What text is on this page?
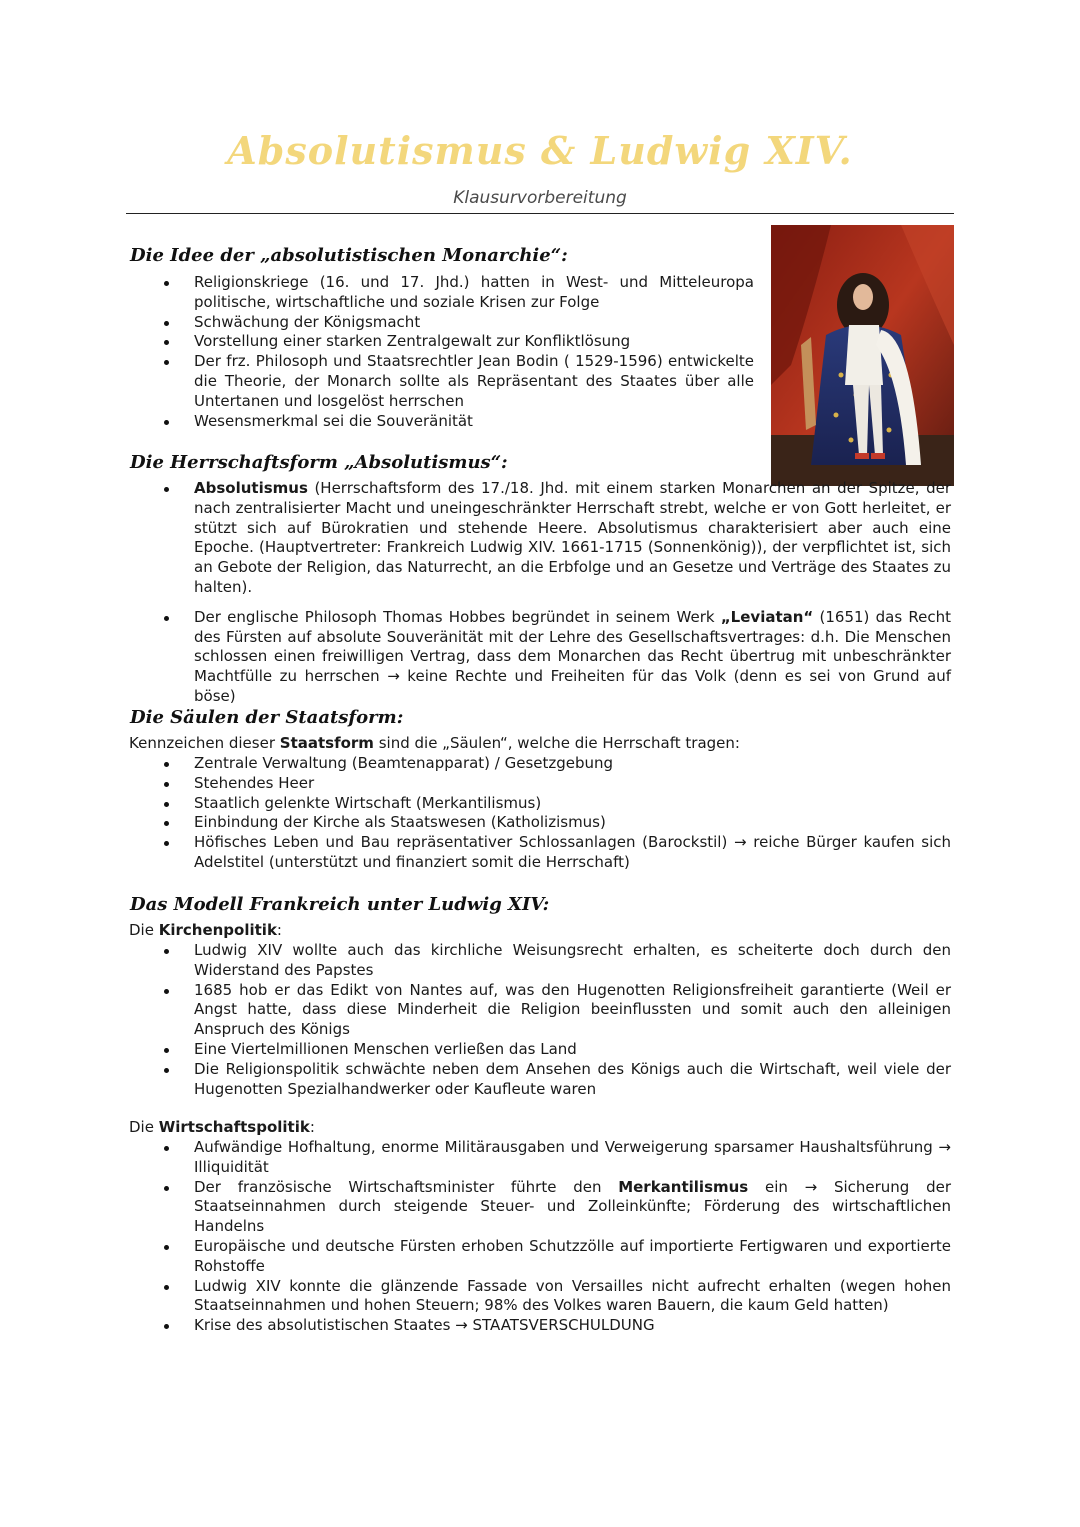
Absolutismus & Ludwig XIV.
Klausurvorbereitung
Die Idee der „absolutistischen Monarchie“:
Religionskriege (16. und 17. Jhd.) hatten in West- und Mitteleuropa politische, wirtschaftliche und soziale Krisen zur Folge
Schwächung der Königsmacht
Vorstellung einer starken Zentralgewalt zur Konfliktlösung
Der frz. Philosoph und Staatsrechtler Jean Bodin ( 1529-1596) entwickelte die Theorie, der Monarch sollte als Repräsentant des Staates über alle Untertanen und losgelöst herrschen
Wesensmerkmal sei die Souveränität
Die Herrschaftsform „Absolutismus“:
Absolutismus (Herrschaftsform des 17./18. Jhd. mit einem starken Monarchen an der Spitze, der nach zentralisierter Macht und uneingeschränkter Herrschaft strebt, welche er von Gott herleitet, er stützt sich auf Bürokratien und stehende Heere. Absolutismus charakterisiert aber auch eine Epoche. (Hauptvertreter: Frankreich Ludwig XIV. 1661-1715 (Sonnenkönig)), der verpflichtet ist, sich an Gebote der Religion, das Naturrecht, an die Erbfolge und an Gesetze und Verträge des Staates zu halten).
Der englische Philosoph Thomas Hobbes begründet in seinem Werk „Leviatan“ (1651) das Recht des Fürsten auf absolute Souveränität mit der Lehre des Gesellschaftsvertrages: d.h. Die Menschen schlossen einen freiwilligen Vertrag, dass dem Monarchen das Recht übertrug mit unbeschränkter Machtfülle zu herrschen → keine Rechte und Freiheiten für das Volk (denn es sei von Grund auf böse)
Die Säulen der Staatsform:

Kennzeichen dieser Staatsform sind die „Säulen“, welche die Herrschaft tragen:

Zentrale Verwaltung (Beamtenapparat) / Gesetzgebung
Stehendes Heer
Staatlich gelenkte Wirtschaft (Merkantilismus)
Einbindung der Kirche als Staatswesen (Katholizismus)
Höfisches Leben und Bau repräsentativer Schlossanlagen (Barockstil) → reiche Bürger kaufen sich Adelstitel (unterstützt und finanziert somit die Herrschaft)
Das Modell Frankreich unter Ludwig XIV:

Die Kirchenpolitik:

Ludwig XIV wollte auch das kirchliche Weisungsrecht erhalten, es scheiterte doch durch den Widerstand des Papstes
1685 hob er das Edikt von Nantes auf, was den Hugenotten Religionsfreiheit garantierte (Weil er Angst hatte, dass diese Minderheit die Religion beeinflussten und somit auch den alleinigen Anspruch des Königs
Eine Viertelmillionen Menschen verließen das Land
Die Religionspolitik schwächte neben dem Ansehen des Königs auch die Wirtschaft, weil viele der Hugenotten Spezialhandwerker oder Kaufleute waren

Die Wirtschaftspolitik:

Aufwändige Hofhaltung, enorme Militärausgaben und Verweigerung sparsamer Haushaltsführung → Illiquidität
Der französische Wirtschaftsminister führte den Merkantilismus ein → Sicherung der Staatseinnahmen durch steigende Steuer- und Zolleinkünfte; Förderung des wirtschaftlichen Handelns
Europäische und deutsche Fürsten erhoben Schutzzölle auf importierte Fertigwaren und exportierte Rohstoffe
Ludwig XIV konnte die glänzende Fassade von Versailles nicht aufrecht erhalten (wegen hohen Staatseinnahmen und hohen Steuern; 98% des Volkes waren Bauern, die kaum Geld hatten)
Krise des absolutistischen Staates → STAATSVERSCHULDUNG
